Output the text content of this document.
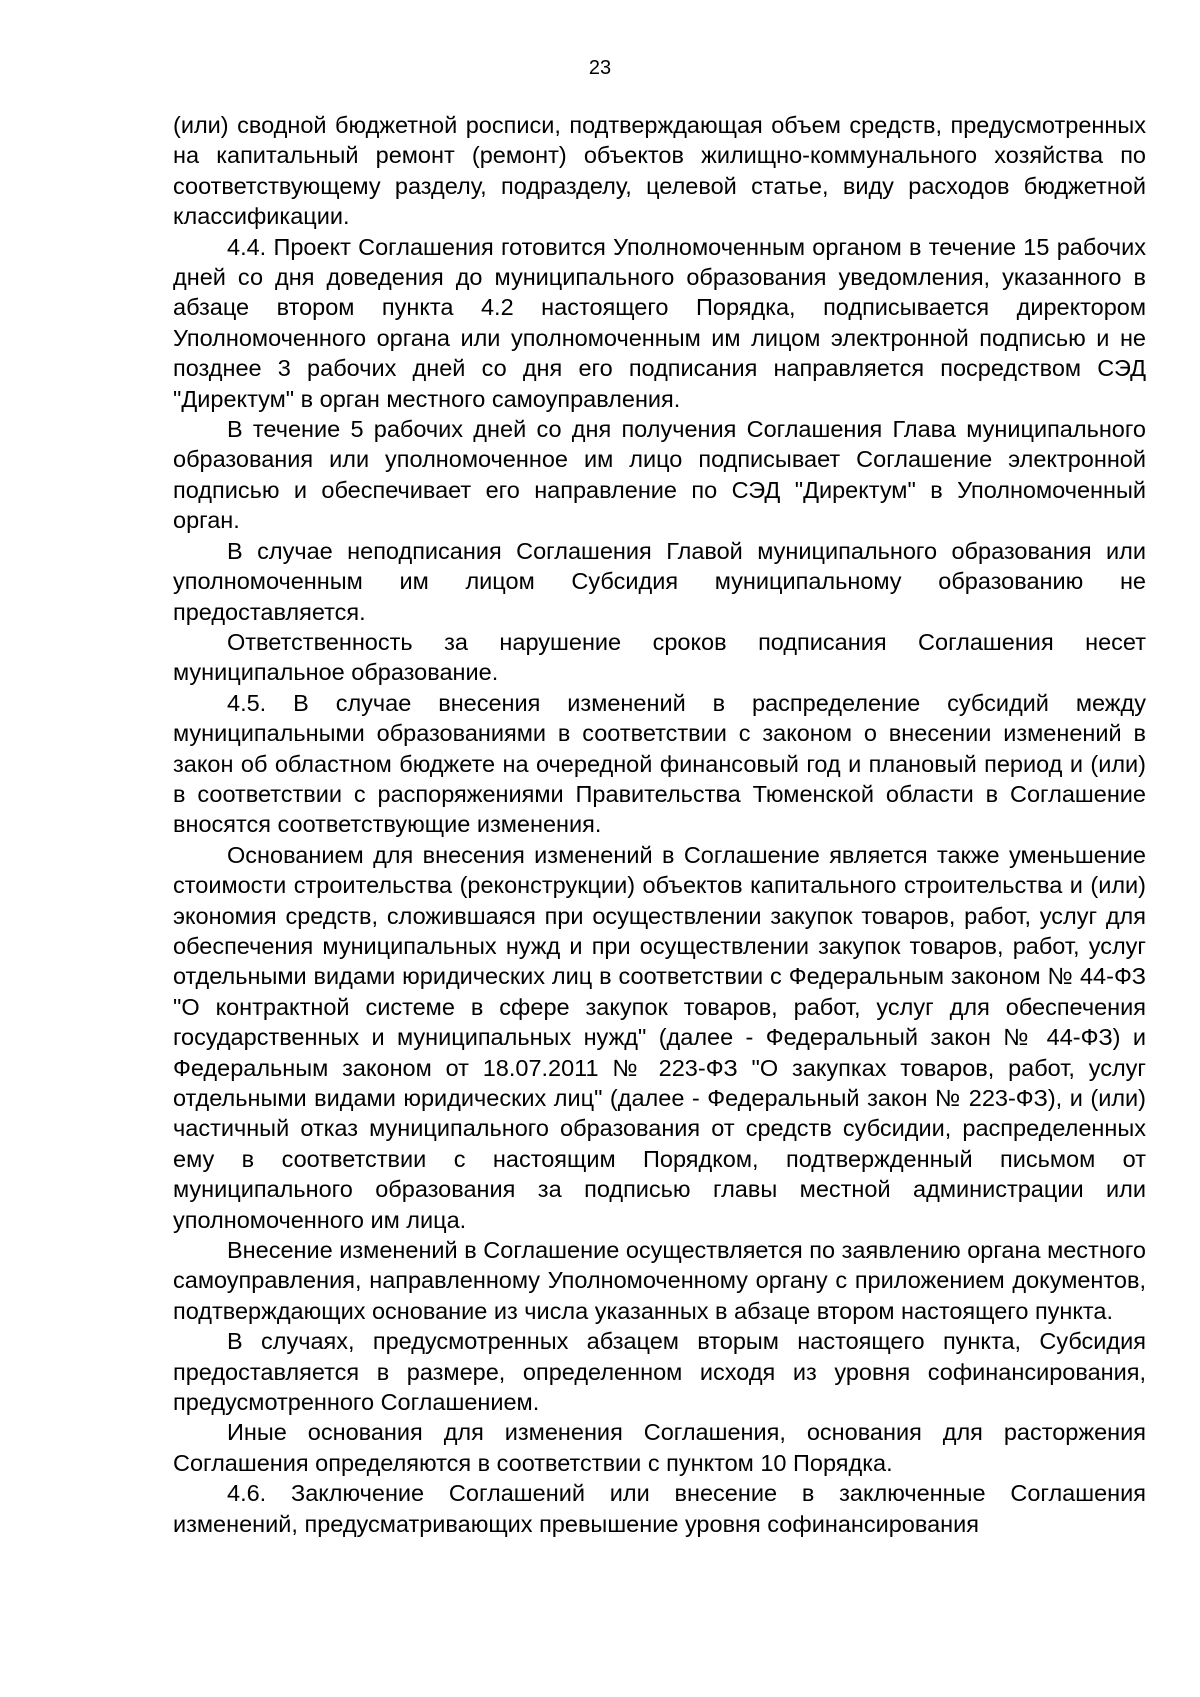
23

(или) сводной бюджетной росписи, подтверждающая объем средств, предусмотренных на капитальный ремонт (ремонт) объектов жилищно-коммунального хозяйства по соответствующему разделу, подразделу, целевой статье, виду расходов бюджетной классификации.

4.4. Проект Соглашения готовится Уполномоченным органом в течение 15 рабочих дней со дня доведения до муниципального образования уведомления, указанного в абзаце втором пункта 4.2 настоящего Порядка, подписывается директором Уполномоченного органа или уполномоченным им лицом электронной подписью и не позднее 3 рабочих дней со дня его подписания направляется посредством СЭД "Директум" в орган местного самоуправления.

В течение 5 рабочих дней со дня получения Соглашения Глава муниципального образования или уполномоченное им лицо подписывает Соглашение электронной подписью и обеспечивает его направление по СЭД "Директум" в Уполномоченный орган.

В случае неподписания Соглашения Главой муниципального образования или уполномоченным им лицом Субсидия муниципальному образованию не предоставляется.

Ответственность за нарушение сроков подписания Соглашения несет муниципальное образование.

4.5. В случае внесения изменений в распределение субсидий между муниципальными образованиями в соответствии с законом о внесении изменений в закон об областном бюджете на очередной финансовый год и плановый период и (или) в соответствии с распоряжениями Правительства Тюменской области в Соглашение вносятся соответствующие изменения.

Основанием для внесения изменений в Соглашение является также уменьшение стоимости строительства (реконструкции) объектов капитального строительства и (или) экономия средств, сложившаяся при осуществлении закупок товаров, работ, услуг для обеспечения муниципальных нужд и при осуществлении закупок товаров, работ, услуг отдельными видами юридических лиц в соответствии с Федеральным законом № 44-ФЗ "О контрактной системе в сфере закупок товаров, работ, услуг для обеспечения государственных и муниципальных нужд" (далее - Федеральный закон № 44-ФЗ) и Федеральным законом от 18.07.2011 № 223-ФЗ "О закупках товаров, работ, услуг отдельными видами юридических лиц" (далее - Федеральный закон № 223-ФЗ), и (или) частичный отказ муниципального образования от средств субсидии, распределенных ему в соответствии с настоящим Порядком, подтвержденный письмом от муниципального образования за подписью главы местной администрации или уполномоченного им лица.

Внесение изменений в Соглашение осуществляется по заявлению органа местного самоуправления, направленному Уполномоченному органу с приложением документов, подтверждающих основание из числа указанных в абзаце втором настоящего пункта.

В случаях, предусмотренных абзацем вторым настоящего пункта, Субсидия предоставляется в размере, определенном исходя из уровня софинансирования, предусмотренного Соглашением.

Иные основания для изменения Соглашения, основания для расторжения Соглашения определяются в соответствии с пунктом 10 Порядка.

4.6. Заключение Соглашений или внесение в заключенные Соглашения изменений, предусматривающих превышение уровня софинансирования
